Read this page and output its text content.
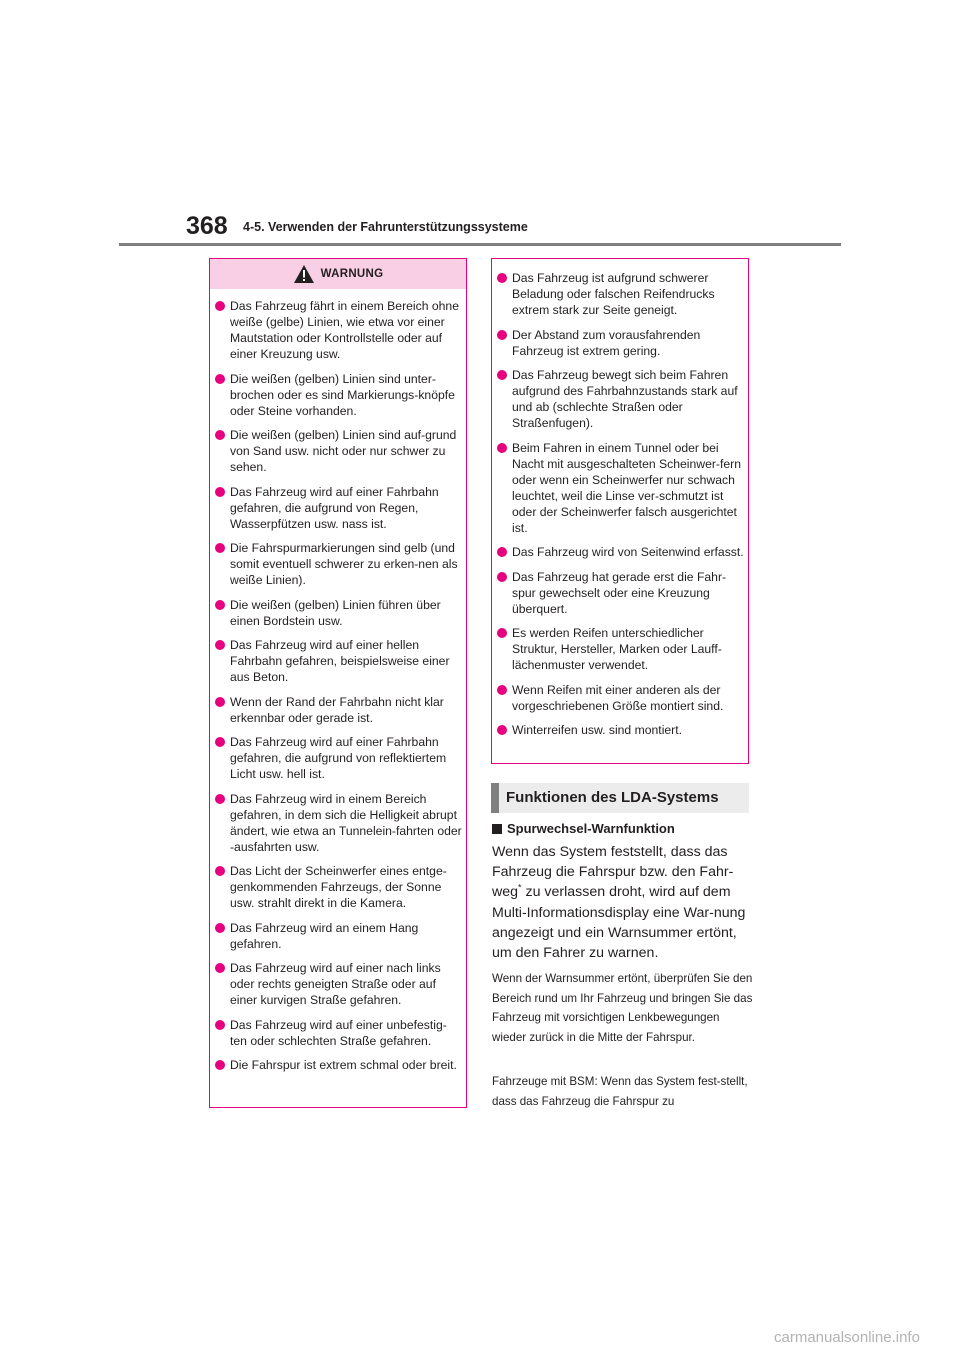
368 4-5. Verwenden der Fahrunterstützungssysteme
WARNUNG
Das Fahrzeug fährt in einem Bereich ohne weiße (gelbe) Linien, wie etwa vor einer Mautstation oder Kontrollstelle oder auf einer Kreuzung usw.
Die weißen (gelben) Linien sind unter-brochen oder es sind Markierungs-knöpfe oder Steine vorhanden.
Die weißen (gelben) Linien sind auf-grund von Sand usw. nicht oder nur schwer zu sehen.
Das Fahrzeug wird auf einer Fahrbahn gefahren, die aufgrund von Regen, Wasserpfützen usw. nass ist.
Die Fahrspurmarkierungen sind gelb (und somit eventuell schwerer zu erken-nen als weiße Linien).
Die weißen (gelben) Linien führen über einen Bordstein usw.
Das Fahrzeug wird auf einer hellen Fahrbahn gefahren, beispielsweise einer aus Beton.
Wenn der Rand der Fahrbahn nicht klar erkennbar oder gerade ist.
Das Fahrzeug wird auf einer Fahrbahn gefahren, die aufgrund von reflektiertem Licht usw. hell ist.
Das Fahrzeug wird in einem Bereich gefahren, in dem sich die Helligkeit abrupt ändert, wie etwa an Tunnelein-fahrten oder -ausfahrten usw.
Das Licht der Scheinwerfer eines entge-genkommenden Fahrzeugs, der Sonne usw. strahlt direkt in die Kamera.
Das Fahrzeug wird an einem Hang gefahren.
Das Fahrzeug wird auf einer nach links oder rechts geneigten Straße oder auf einer kurvigen Straße gefahren.
Das Fahrzeug wird auf einer unbefestig-ten oder schlechten Straße gefahren.
Die Fahrspur ist extrem schmal oder breit.
Das Fahrzeug ist aufgrund schwerer Beladung oder falschen Reifendrucks extrem stark zur Seite geneigt.
Der Abstand zum vorausfahrenden Fahrzeug ist extrem gering.
Das Fahrzeug bewegt sich beim Fahren aufgrund des Fahrbahnzustands stark auf und ab (schlechte Straßen oder Straßenfugen).
Beim Fahren in einem Tunnel oder bei Nacht mit ausgeschalteten Scheinwer-fern oder wenn ein Scheinwerfer nur schwach leuchtet, weil die Linse ver-schmutzt ist oder der Scheinwerfer falsch ausgerichtet ist.
Das Fahrzeug wird von Seitenwind erfasst.
Das Fahrzeug hat gerade erst die Fahr-spur gewechselt oder eine Kreuzung überquert.
Es werden Reifen unterschiedlicher Struktur, Hersteller, Marken oder Lauff-lächenmuster verwendet.
Wenn Reifen mit einer anderen als der vorgeschriebenen Größe montiert sind.
Winterreifen usw. sind montiert.
Funktionen des LDA-Systems
Spurwechsel-Warnfunktion
Wenn das System feststellt, dass das Fahrzeug die Fahrspur bzw. den Fahr-weg* zu verlassen droht, wird auf dem Multi-Informationsdisplay eine War-nung angezeigt und ein Warnsummer ertönt, um den Fahrer zu warnen.
Wenn der Warnsummer ertönt, überprüfen Sie den Bereich rund um Ihr Fahrzeug und bringen Sie das Fahrzeug mit vorsichtigen Lenkbewegungen wieder zurück in die Mitte der Fahrspur.
Fahrzeuge mit BSM: Wenn das System fest-stellt, dass das Fahrzeug die Fahrspur zu
carmanualsonline.info
